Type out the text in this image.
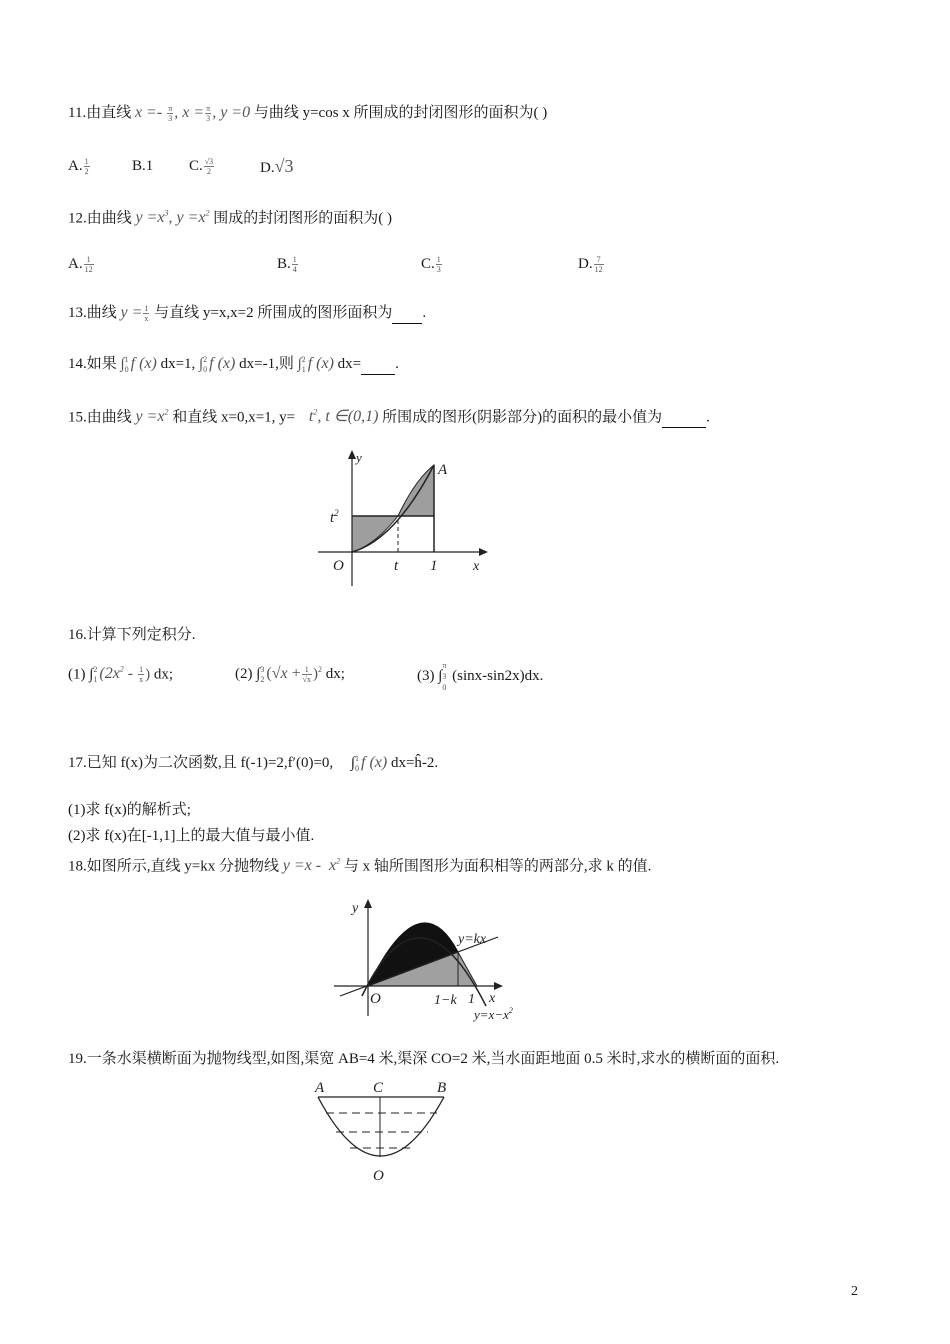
11.由直线 $x =- \frac{\pi}{3}$ , $x = \frac{\pi}{3}$ , y =0 与曲线 y=cos x 所围成的封闭图形的面积为( )
A. $\frac{1}{2}$	B.1 C. $\frac{√3}{2}$	D.√3
12.由曲线 $y =x^3$, $y =x^2$ 围成的封闭图形的面积为( )
A. $\frac{1}{12}$	B. $\frac{1}{4}$	C. $\frac{1}{3}$	D. $\frac{7}{12}$
13.曲线 $y = \frac{1}{x}$ 与直线 y=x,x=2 所围成的图形面积为 .
14.如果 ∫ 1
0 f (x) dx=1, ∫ 2
0 f (x) dx=-1,则 ∫ 2
1 f (x) dx= .
15.由曲线 $y =x^2$ 和直线 x=0,x=1, $y= t^2$, t ∈(0,1) 所围成的图形(阴影部分)的面积的最小值为	.
y
x
O
$t^2$
t 1
A
16.计算下列定积分.
(1) ∫ 2
1 ($2x^2 - \frac{1}{x}$ ) dx;	(2) ∫ 3
2 $(√x + \frac{1}{√x} )^2$ dx;	(3) ∫
π
3
0
(sinx-sin2x)dx.
17.已知 f(x)为二次函数,且 f(-1)=2,f′(0)=0, ∫ 1
0 f (x) dx=ĥ-2.
(1)求 f(x)的解析式;
(2)求 f(x)在[-1,1]上的最大值与最小值.
18.如图所示,直线 y=kx 分抛物线 $y =x - x^2$ 与 x 轴所围图形为面积相等的两部分,求 k 的值.
y
x
O
y=kx
1−k 1
$y=x-x^2$
19.一条水渠横断面为抛物线型,如图,渠宽 AB=4 米,渠深 CO=2 米,当水面距地面 0.5 米时,求水的横断面的面积.
A	C	B
O
2
